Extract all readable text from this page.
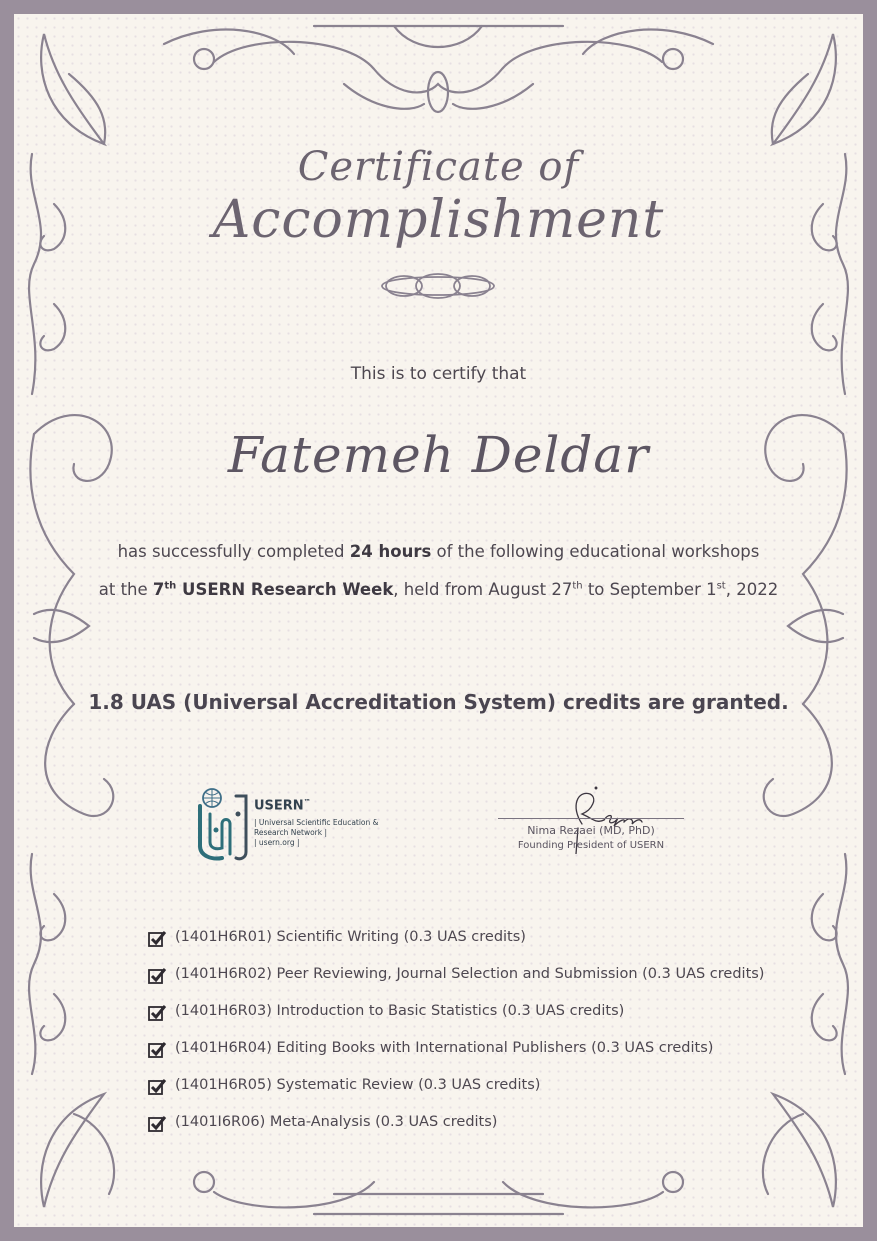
Certificate of
Accomplishment
This is to certify that
Fatemeh Deldar
has successfully completed 24 hours of the following educational workshops
at the 7th USERN Research Week, held from August 27th to September 1st, 2022
1.8 UAS (Universal Accreditation System) credits are granted.
USERN™
| Universal Scientific Education &
Research Network |
| usern.org |
Nima Rezaei (MD, PhD)
Founding President of USERN
(1401H6R01) Scientific Writing (0.3 UAS credits)
(1401H6R02) Peer Reviewing, Journal Selection and Submission (0.3 UAS credits)
(1401H6R03) Introduction to Basic Statistics (0.3 UAS credits)
(1401H6R04) Editing Books with International Publishers (0.3 UAS credits)
(1401H6R05) Systematic Review (0.3 UAS credits)
(1401I6R06) Meta-Analysis (0.3 UAS credits)
